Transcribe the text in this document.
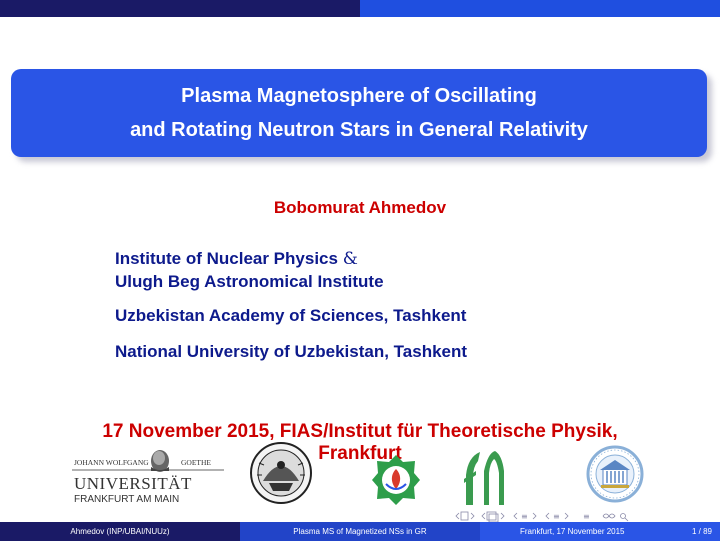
Plasma Magnetosphere of Oscillating
and Rotating Neutron Stars in General Relativity
Bobomurat Ahmedov
Institute of Nuclear Physics &
Ulugh Beg Astronomical Institute
Uzbekistan Academy of Sciences, Tashkent
National University of Uzbekistan, Tashkent
17 November 2015, FIAS/Institut für Theoretische Physik,
Frankfurt
JOHANN WOLFGANG	GOETHE
UNIVERSITÄT
FRANKFURT AM MAIN
≡	≡	≡
Ahmedov (INP/UBAI/NUUz)	Plasma MS of Magnetized NSs in GR	Frankfurt, 17 November 2015	1 / 89
